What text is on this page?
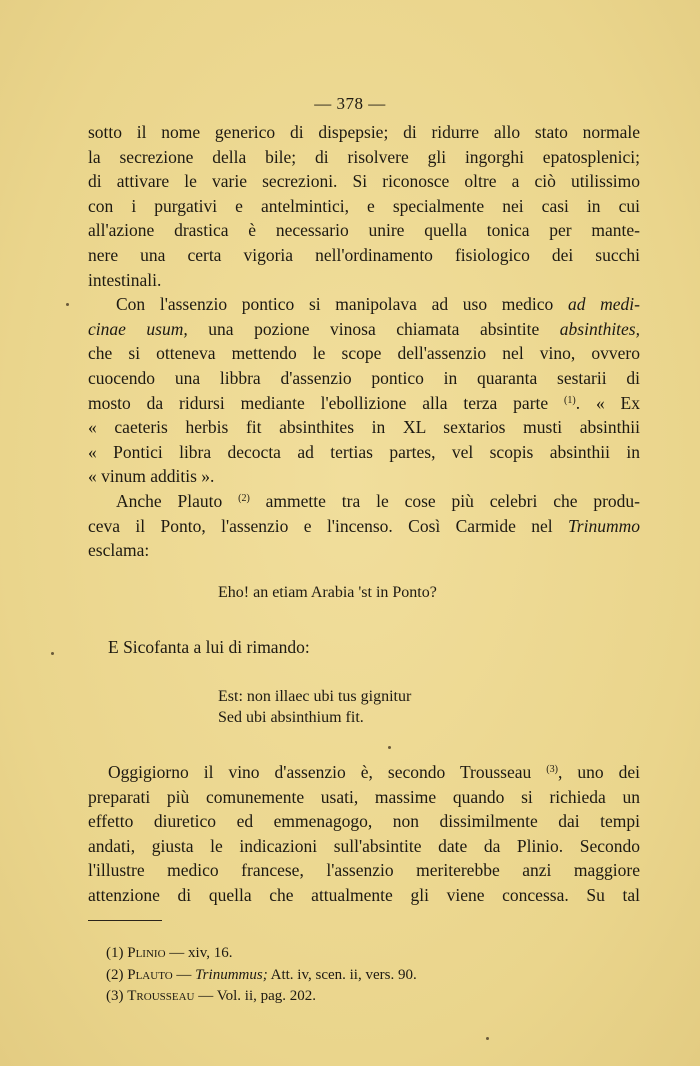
— 378 —

sotto il nome generico di dispepsie; di ridurre allo stato normale
la secrezione della bile; di risolvere gli ingorghi epatosplenici;
di attivare le varie secrezioni. Si riconosce oltre a ciò utilissimo
con i purgativi e antelmintici, e specialmente nei casi in cui
all'azione drastica è necessario unire quella tonica per mante-
nere una certa vigoria nell'ordinamento fisiologico dei succhi
intestinali.

Con l'assenzio pontico si manipolava ad uso medico ad medi-
cinae usum, una pozione vinosa chiamata absintite absinthites,
che si otteneva mettendo le scope dell'assenzio nel vino, ovvero
cuocendo una libbra d'assenzio pontico in quaranta sestarii di
mosto da ridursi mediante l'ebollizione alla terza parte $^{(1)}$. « Ex
« caeteris herbis fit absinthites in XL sextarios musti absinthii
« Pontici libra decocta ad tertias partes, vel scopis absinthii in
« vinum additis ».

Anche Plauto $^{(2)}$ ammette tra le cose più celebri che produ-
ceva il Ponto, l'assenzio e l'incenso. Così Carmide nel Trinummo
esclama:

Eho! an etiam Arabia 'st in Ponto?
E Sicofanta a lui di rimando:
Est: non illaec ubi tus gignitur
Sed ubi absinthium fit.
Oggigiorno il vino d'assenzio è, secondo Trousseau $^{(3)}$, uno dei
preparati più comunemente usati, massime quando si richieda un
effetto diuretico ed emmenagogo, non dissimilmente dai tempi
andati, giusta le indicazioni sull'absintite date da Plinio. Secondo
l'illustre medico francese, l'assenzio meriterebbe anzi maggiore
attenzione di quella che attualmente gli viene concessa. Su tal
(1) Plinio — xiv, 16.
(2) Plauto — Trinummus; Att. iv, scen. ii, vers. 90.
(3) Trousseau — Vol. ii, pag. 202.
